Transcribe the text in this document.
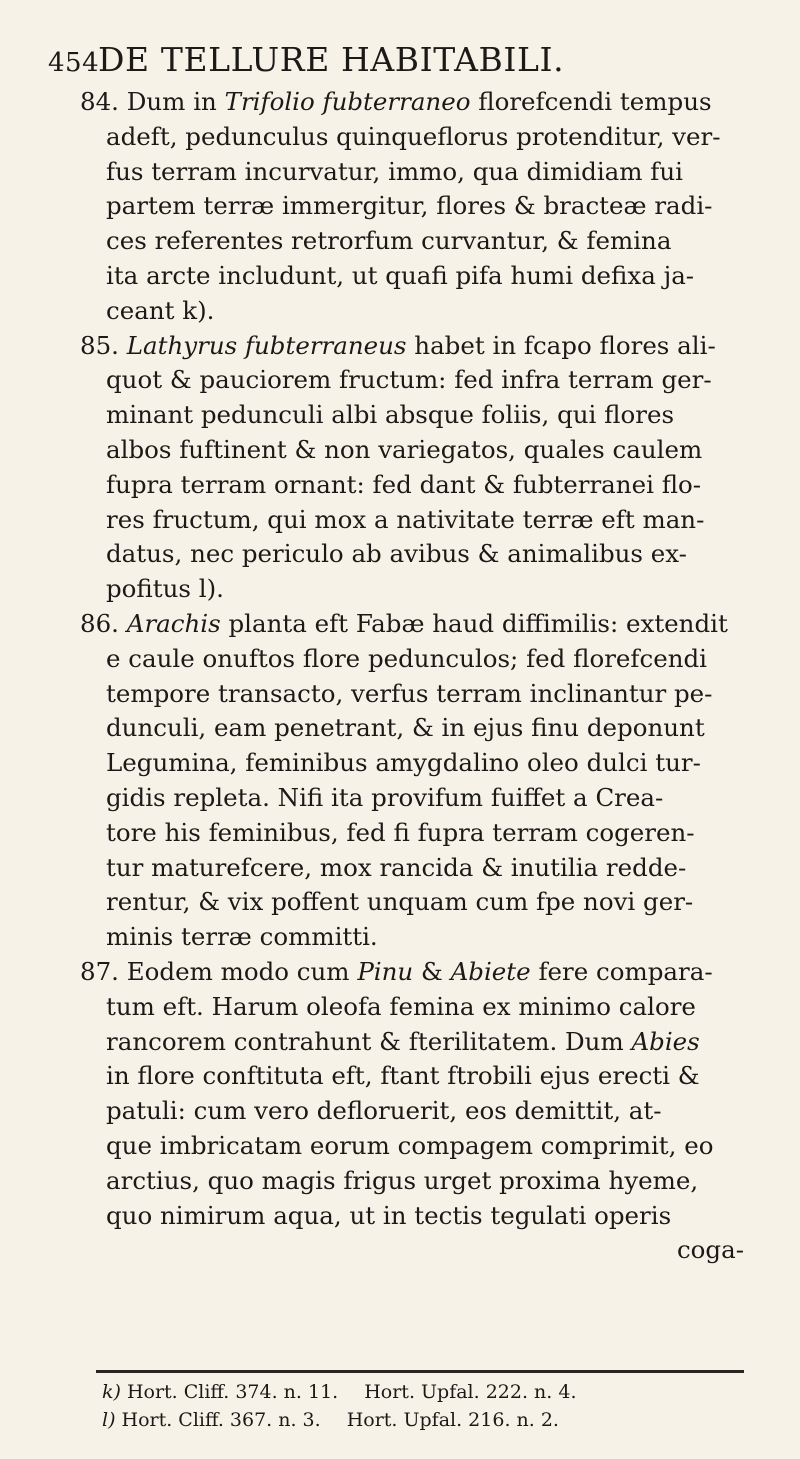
454
DE TELLURE HABITABILI.

84. Dum in Trifolio fubterraneo florefcendi tempus
adeft, pedunculus quinqueflorus protenditur, ver-
fus terram incurvatur, immo, qua dimidiam fui
partem terræ immergitur, flores & bracteæ radi-
ces referentes retrorfum curvantur, & femina
ita arcte includunt, ut quafi pifa humi defixa ja-
ceant k).

85. Lathyrus fubterraneus habet in fcapo flores ali-
quot & pauciorem fructum: fed infra terram ger-
minant pedunculi albi absque foliis, qui flores
albos fuftinent & non variegatos, quales caulem
fupra terram ornant: fed dant & fubterranei flo-
res fructum, qui mox a nativitate terræ eft man-
datus, nec periculo ab avibus & animalibus ex-
pofitus l).

86. Arachis planta eft Fabæ haud diffimilis: extendit
e caule onuftos flore pedunculos; fed florefcendi
tempore transacto, verfus terram inclinantur pe-
dunculi, eam penetrant, & in ejus finu deponunt
Legumina, feminibus amygdalino oleo dulci tur-
gidis repleta. Nifi ita provifum fuiffet a Crea-
tore his feminibus, fed fi fupra terram cogeren-
tur maturefcere, mox rancida & inutilia redde-
rentur, & vix poffent unquam cum fpe novi ger-
minis terræ committi.

87. Eodem modo cum Pinu & Abiete fere compara-
tum eft. Harum oleofa femina ex minimo calore
rancorem contrahunt & fterilitatem. Dum Abies
in flore conftituta eft, ftant ftrobili ejus erecti &
patuli: cum vero defloruerit, eos demittit, at-
que imbricatam eorum compagem comprimit, eo
arctius, quo magis frigus urget proxima hyeme,
quo nimirum aqua, ut in tectis tegulati operis

coga-
k) Hort. Cliff. 374. n. 11. Hort. Upfal. 222. n. 4.
l) Hort. Cliff. 367. n. 3. Hort. Upfal. 216. n. 2.
